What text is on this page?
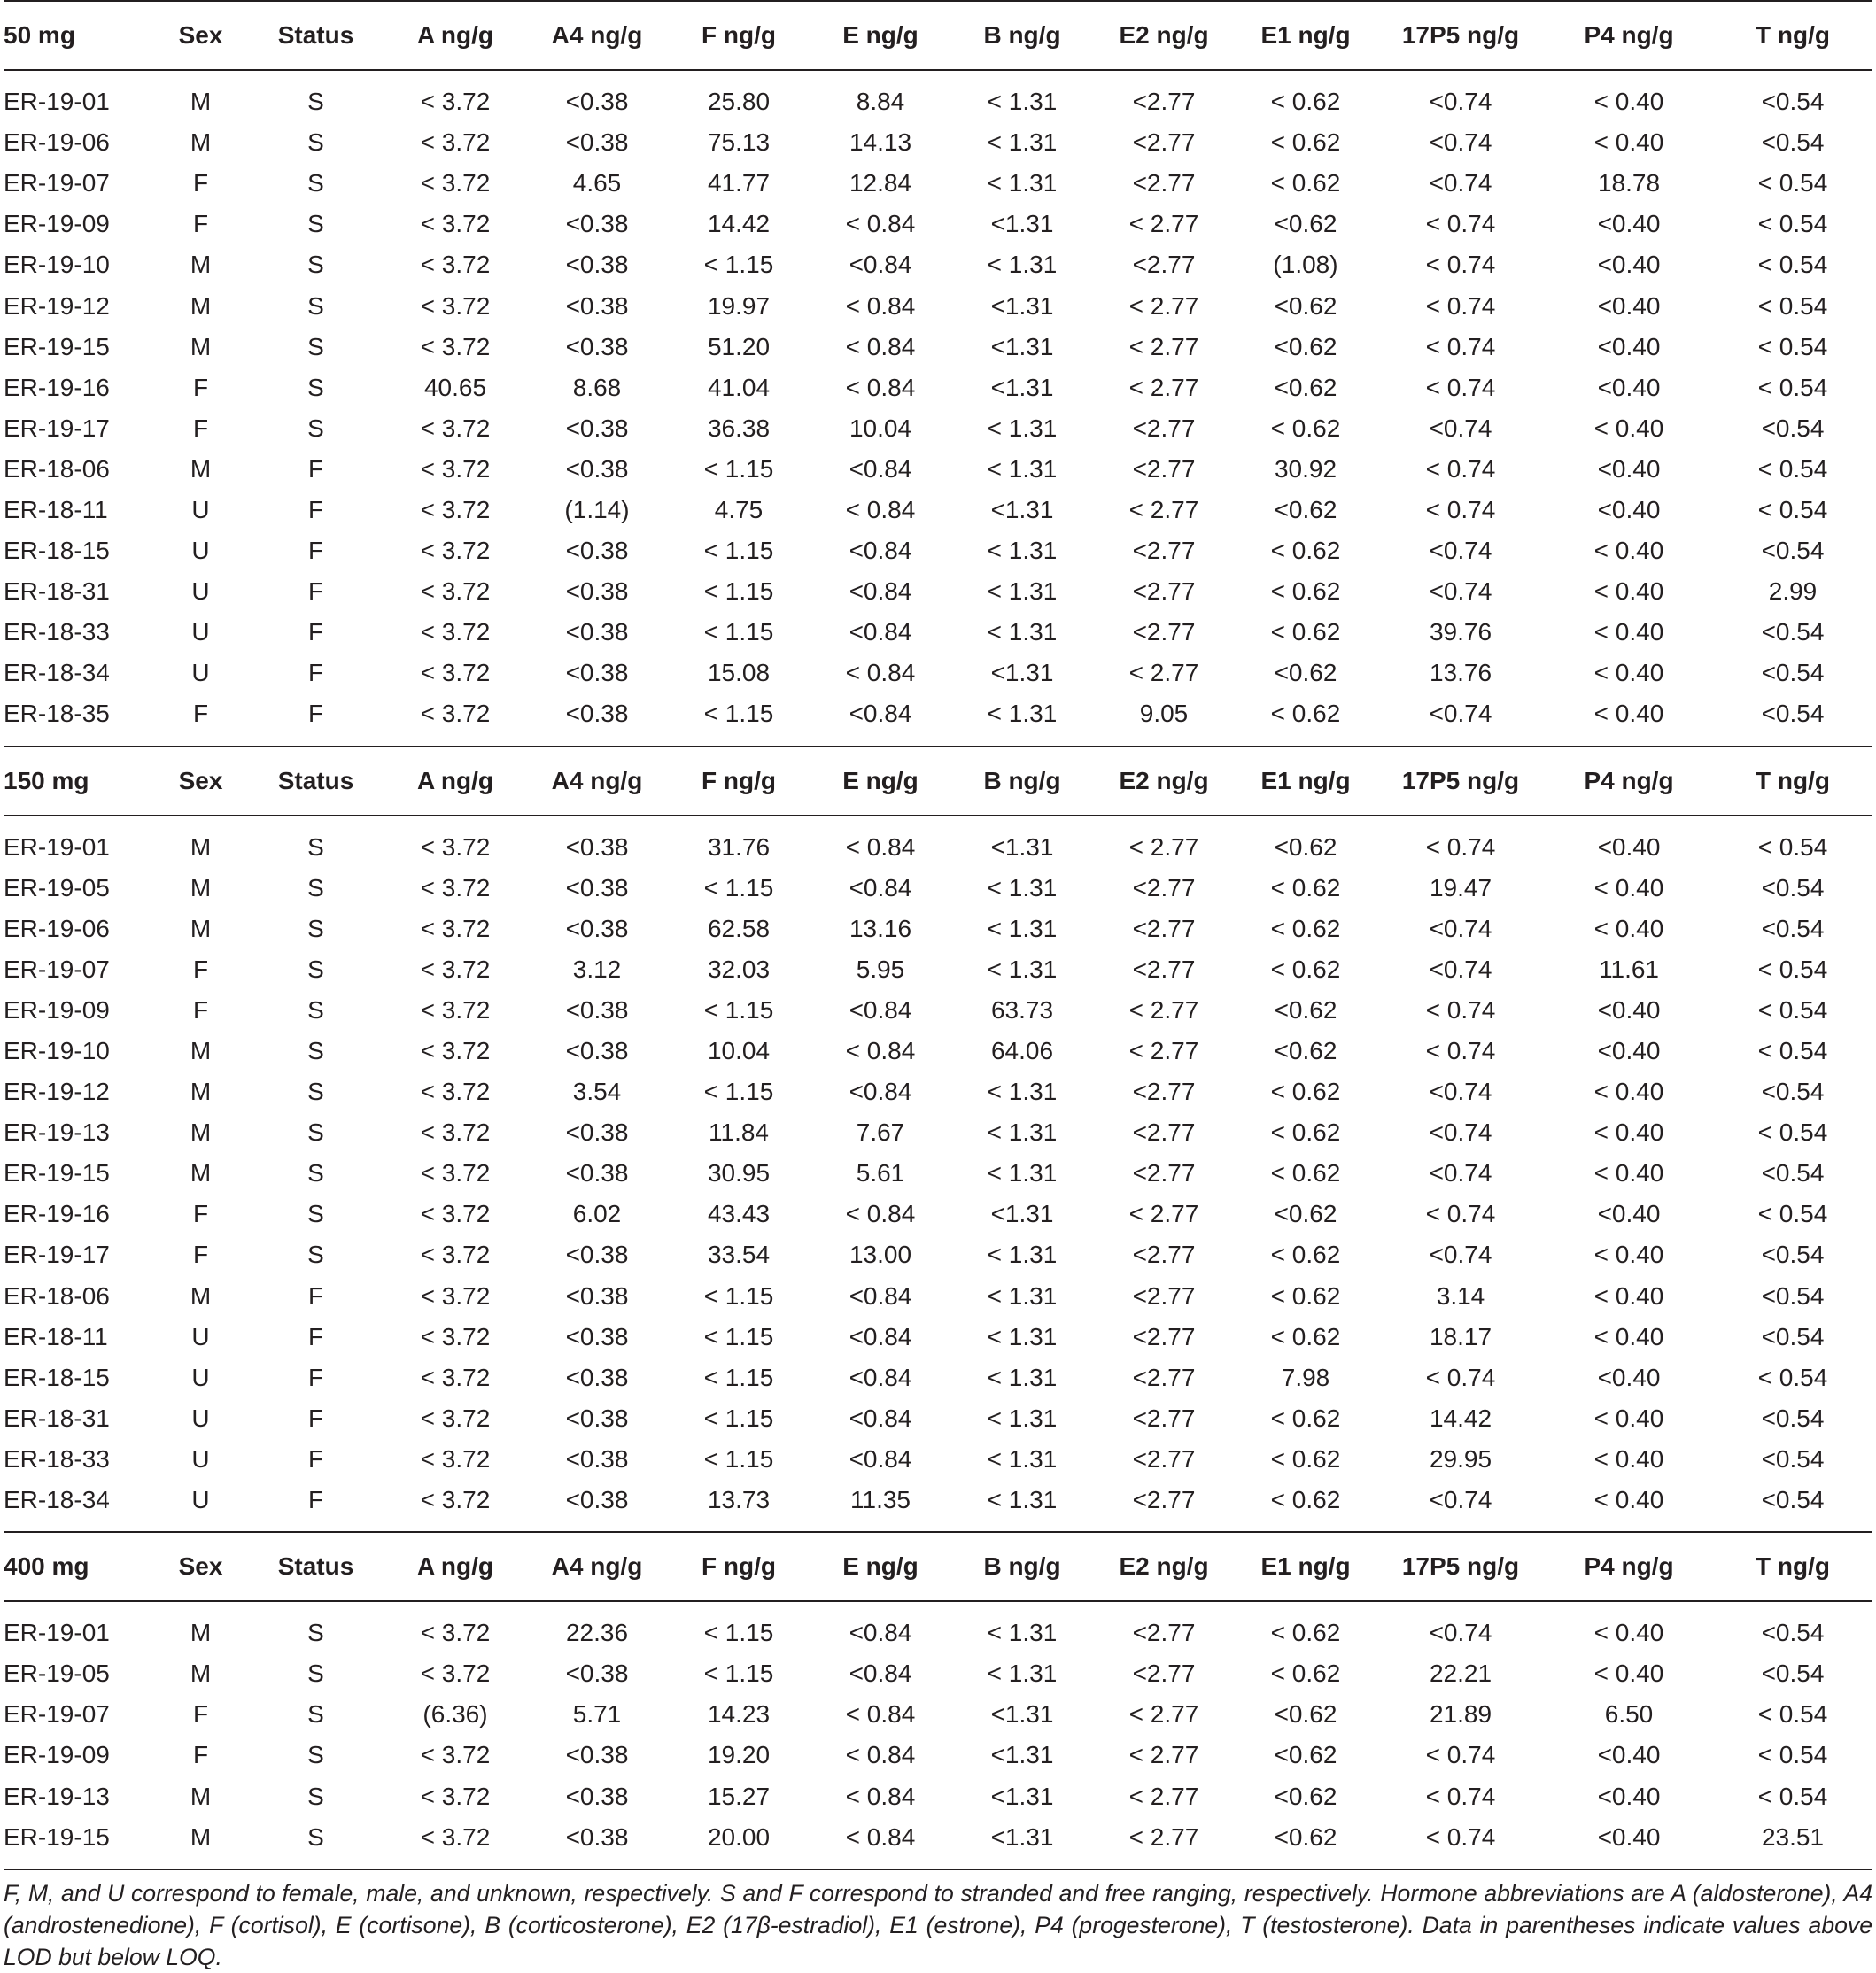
50 mg	Sex	Status	A ng/g	A4 ng/g	F ng/g	E ng/g	B ng/g	E2 ng/g	E1 ng/g	17P5 ng/g	P4 ng/g	T ng/g

ER-19-01	M	S	< 3.72	<0.38	25.80	8.84	< 1.31	<2.77	< 0.62	<0.74	< 0.40	<0.54
ER-19-06	M	S	< 3.72	<0.38	75.13	14.13	< 1.31	<2.77	< 0.62	<0.74	< 0.40	<0.54
ER-19-07	F	S	< 3.72	4.65	41.77	12.84	< 1.31	<2.77	< 0.62	<0.74	18.78	< 0.54
ER-19-09	F	S	< 3.72	<0.38	14.42	< 0.84	<1.31	< 2.77	<0.62	< 0.74	<0.40	< 0.54
ER-19-10	M	S	< 3.72	<0.38	< 1.15	<0.84	< 1.31	<2.77	(1.08)	< 0.74	<0.40	< 0.54
ER-19-12	M	S	< 3.72	<0.38	19.97	< 0.84	<1.31	< 2.77	<0.62	< 0.74	<0.40	< 0.54
ER-19-15	M	S	< 3.72	<0.38	51.20	< 0.84	<1.31	< 2.77	<0.62	< 0.74	<0.40	< 0.54
ER-19-16	F	S	40.65	8.68	41.04	< 0.84	<1.31	< 2.77	<0.62	< 0.74	<0.40	< 0.54
ER-19-17	F	S	< 3.72	<0.38	36.38	10.04	< 1.31	<2.77	< 0.62	<0.74	< 0.40	<0.54
ER-18-06	M	F	< 3.72	<0.38	< 1.15	<0.84	< 1.31	<2.77	30.92	< 0.74	<0.40	< 0.54
ER-18-11	U	F	< 3.72	(1.14)	4.75	< 0.84	<1.31	< 2.77	<0.62	< 0.74	<0.40	< 0.54
ER-18-15	U	F	< 3.72	<0.38	< 1.15	<0.84	< 1.31	<2.77	< 0.62	<0.74	< 0.40	<0.54
ER-18-31	U	F	< 3.72	<0.38	< 1.15	<0.84	< 1.31	<2.77	< 0.62	<0.74	< 0.40	2.99
ER-18-33	U	F	< 3.72	<0.38	< 1.15	<0.84	< 1.31	<2.77	< 0.62	39.76	< 0.40	<0.54
ER-18-34	U	F	< 3.72	<0.38	15.08	< 0.84	<1.31	< 2.77	<0.62	13.76	< 0.40	<0.54
ER-18-35	F	F	< 3.72	<0.38	< 1.15	<0.84	< 1.31	9.05	< 0.62	<0.74	< 0.40	<0.54

150 mg	Sex	Status	A ng/g	A4 ng/g	F ng/g	E ng/g	B ng/g	E2 ng/g	E1 ng/g	17P5 ng/g	P4 ng/g	T ng/g

ER-19-01	M	S	< 3.72	<0.38	31.76	< 0.84	<1.31	< 2.77	<0.62	< 0.74	<0.40	< 0.54
ER-19-05	M	S	< 3.72	<0.38	< 1.15	<0.84	< 1.31	<2.77	< 0.62	19.47	< 0.40	<0.54
ER-19-06	M	S	< 3.72	<0.38	62.58	13.16	< 1.31	<2.77	< 0.62	<0.74	< 0.40	<0.54
ER-19-07	F	S	< 3.72	3.12	32.03	5.95	< 1.31	<2.77	< 0.62	<0.74	11.61	< 0.54
ER-19-09	F	S	< 3.72	<0.38	< 1.15	<0.84	63.73	< 2.77	<0.62	< 0.74	<0.40	< 0.54
ER-19-10	M	S	< 3.72	<0.38	10.04	< 0.84	64.06	< 2.77	<0.62	< 0.74	<0.40	< 0.54
ER-19-12	M	S	< 3.72	3.54	< 1.15	<0.84	< 1.31	<2.77	< 0.62	<0.74	< 0.40	<0.54
ER-19-13	M	S	< 3.72	<0.38	11.84	7.67	< 1.31	<2.77	< 0.62	<0.74	< 0.40	< 0.54
ER-19-15	M	S	< 3.72	<0.38	30.95	5.61	< 1.31	<2.77	< 0.62	<0.74	< 0.40	<0.54
ER-19-16	F	S	< 3.72	6.02	43.43	< 0.84	<1.31	< 2.77	<0.62	< 0.74	<0.40	< 0.54
ER-19-17	F	S	< 3.72	<0.38	33.54	13.00	< 1.31	<2.77	< 0.62	<0.74	< 0.40	<0.54
ER-18-06	M	F	< 3.72	<0.38	< 1.15	<0.84	< 1.31	<2.77	< 0.62	3.14	< 0.40	<0.54
ER-18-11	U	F	< 3.72	<0.38	< 1.15	<0.84	< 1.31	<2.77	< 0.62	18.17	< 0.40	<0.54
ER-18-15	U	F	< 3.72	<0.38	< 1.15	<0.84	< 1.31	<2.77	7.98	< 0.74	<0.40	< 0.54
ER-18-31	U	F	< 3.72	<0.38	< 1.15	<0.84	< 1.31	<2.77	< 0.62	14.42	< 0.40	<0.54
ER-18-33	U	F	< 3.72	<0.38	< 1.15	<0.84	< 1.31	<2.77	< 0.62	29.95	< 0.40	<0.54
ER-18-34	U	F	< 3.72	<0.38	13.73	11.35	< 1.31	<2.77	< 0.62	<0.74	< 0.40	<0.54

400 mg	Sex	Status	A ng/g	A4 ng/g	F ng/g	E ng/g	B ng/g	E2 ng/g	E1 ng/g	17P5 ng/g	P4 ng/g	T ng/g

ER-19-01	M	S	< 3.72	22.36	< 1.15	<0.84	< 1.31	<2.77	< 0.62	<0.74	< 0.40	<0.54
ER-19-05	M	S	< 3.72	<0.38	< 1.15	<0.84	< 1.31	<2.77	< 0.62	22.21	< 0.40	<0.54
ER-19-07	F	S	(6.36)	5.71	14.23	< 0.84	<1.31	< 2.77	<0.62	21.89	6.50	< 0.54
ER-19-09	F	S	< 3.72	<0.38	19.20	< 0.84	<1.31	< 2.77	<0.62	< 0.74	<0.40	< 0.54
ER-19-13	M	S	< 3.72	<0.38	15.27	< 0.84	<1.31	< 2.77	<0.62	< 0.74	<0.40	< 0.54
ER-19-15	M	S	< 3.72	<0.38	20.00	< 0.84	<1.31	< 2.77	<0.62	< 0.74	<0.40	23.51

F, M, and U correspond to female, male, and unknown, respectively. S and F correspond to stranded and free ranging, respectively. Hormone abbreviations are A (aldosterone), A4 (androstenedione), F (cortisol), E (cortisone), B (corticosterone), E2 (17β-estradiol), E1 (estrone), P4 (progesterone), T (testosterone). Data in parentheses indicate values above LOD but below LOQ.
